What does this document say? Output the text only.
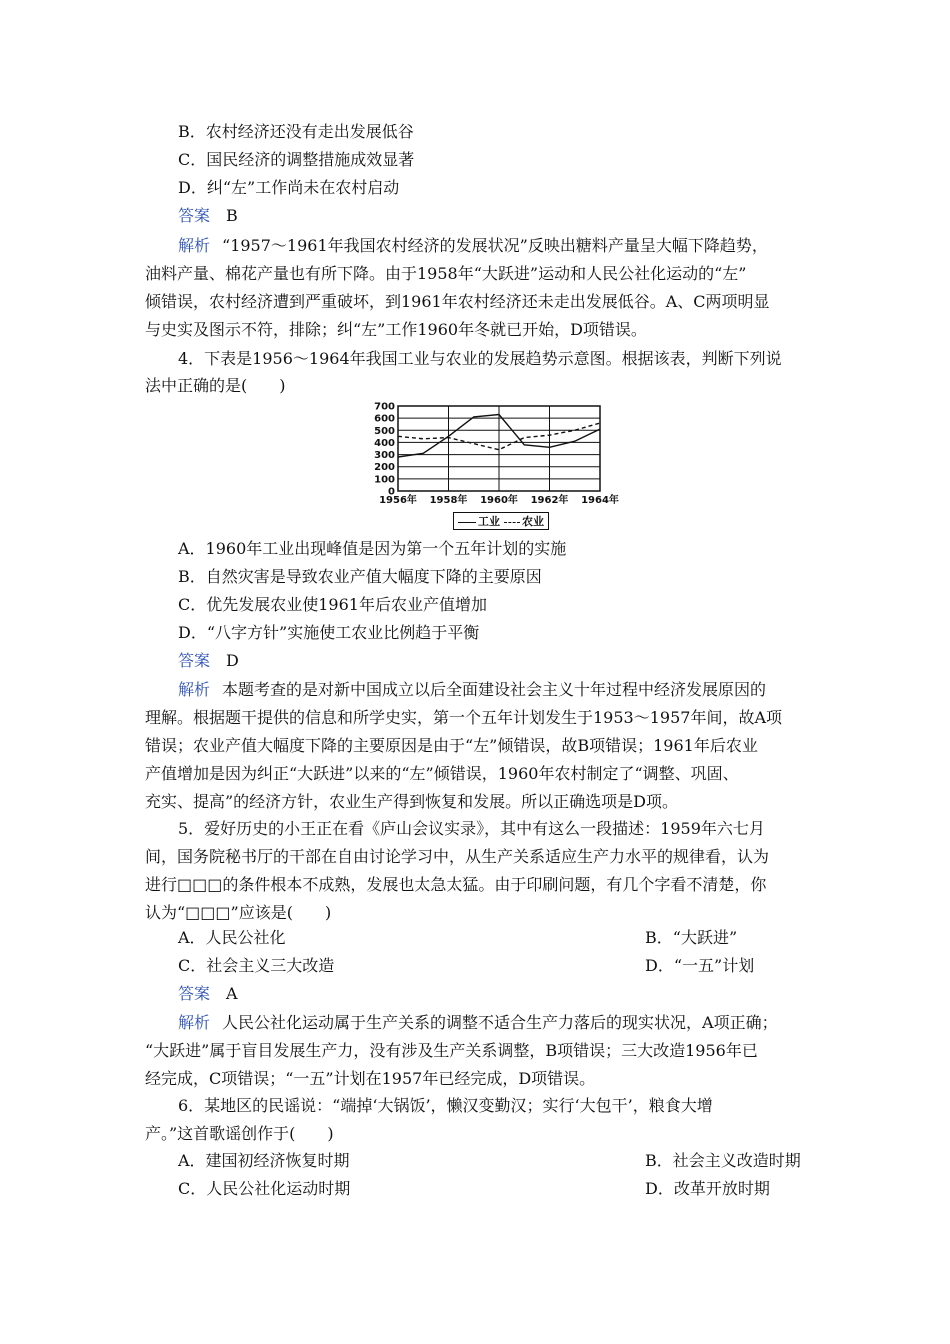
B．农村经济还没有走出发展低谷
C．国民经济的调整措施成效显著
D．纠“左”工作尚未在农村启动
答案 B
解析 “1957～1961年我国农村经济的发展状况”反映出糖料产量呈大幅下降趋势，
油料产量、棉花产量也有所下降。由于1958年“大跃进”运动和人民公社化运动的“左”
倾错误，农村经济遭到严重破坏，到1961年农村经济还未走出发展低谷。A、C两项明显
与史实及图示不符，排除；纠“左”工作1960年冬就已开始，D项错误。
4．下表是1956～1964年我国工业与农业的发展趋势示意图。根据该表，判断下列说
法中正确的是(　　)
0
100
200
300
400
500
600
700
1956年 1958年 1960年 1962年 1964年
工业 农业
A．1960年工业出现峰值是因为第一个五年计划的实施
B．自然灾害是导致农业产值大幅度下降的主要原因
C．优先发展农业使1961年后农业产值增加
D．“八字方针”实施使工农业比例趋于平衡
答案 D
解析 本题考查的是对新中国成立以后全面建设社会主义十年过程中经济发展原因的
理解。根据题干提供的信息和所学史实，第一个五年计划发生于1953～1957年间，故A项
错误；农业产值大幅度下降的主要原因是由于“左”倾错误，故B项错误；1961年后农业
产值增加是因为纠正“大跃进”以来的“左”倾错误，1960年农村制定了“调整、巩固、
充实、提高”的经济方针，农业生产得到恢复和发展。所以正确选项是D项。
5．爱好历史的小王正在看《庐山会议实录》，其中有这么一段描述：1959年六七月
间，国务院秘书厅的干部在自由讨论学习中，从生产关系适应生产力水平的规律看，认为
进行□□□的条件根本不成熟，发展也太急太猛。由于印刷问题，有几个字看不清楚，你
认为“□□□”应该是(　　)
A．人民公社化	B．“大跃进”
C．社会主义三大改造	D．“一五”计划
答案 A
解析 人民公社化运动属于生产关系的调整不适合生产力落后的现实状况，A项正确；
“大跃进”属于盲目发展生产力，没有涉及生产关系调整，B项错误；三大改造1956年已
经完成，C项错误；“一五”计划在1957年已经完成，D项错误。
6．某地区的民谣说：“端掉‘大锅饭’，懒汉变勤汉；实行‘大包干’，粮食大增
产。”这首歌谣创作于(　　)
A．建国初经济恢复时期	B．社会主义改造时期
C．人民公社化运动时期	D．改革开放时期
